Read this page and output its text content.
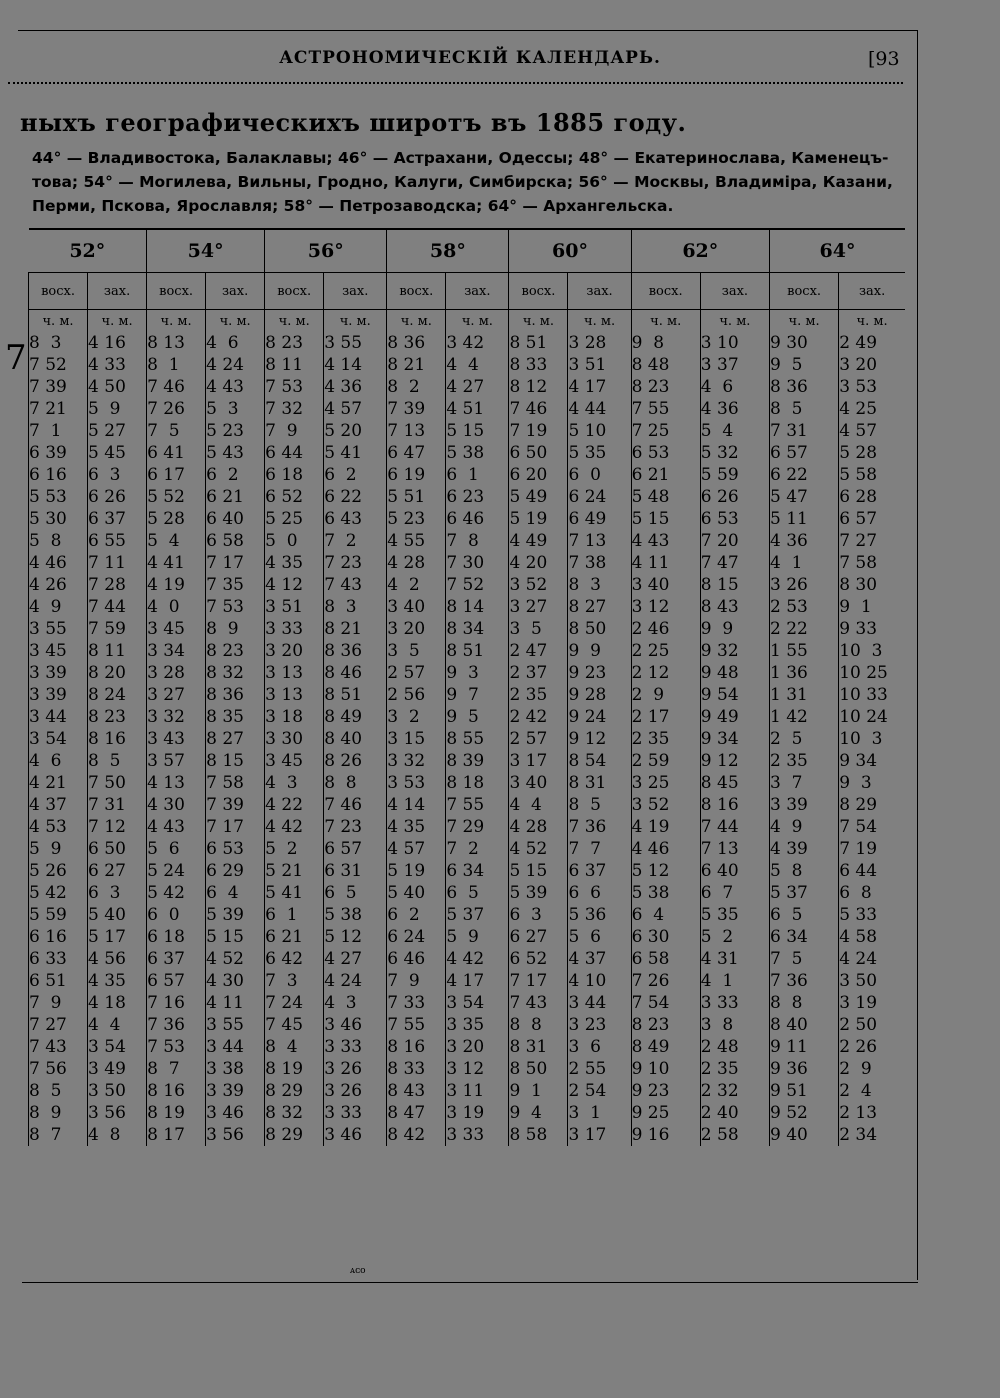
АСТРОНОМИЧЕСКІЙ КАЛЕНДАРЬ.	[93
ныхъ географическихъ широтъ въ 1885 году.
44° — Владивостока, Балаклавы; 46° — Астрахани, Одессы; 48° — Екатеринослава, Каменецъ-
това; 54° — Могилева, Вильны, Гродно, Калуги, Симбирска; 56° — Москвы, Владиміра, Казани,
Перми, Пскова, Ярославля; 58° — Петрозаводска; 64° — Архангельска.
7
52°		54°		56°		58°		60°		62°		64°	
восх.	зах.	восх.	зах.	восх.	зах.	восх.	зах.	восх.	зах.	восх.	зах.	восх.	зах.
ч. м.	ч. м.	ч. м.	ч. м.	ч. м.	ч. м.	ч. м.	ч. м.	ч. м.	ч. м.	ч. м.	ч. м.	ч. м.	ч. м.
8  3	4 16	8 13	4  6	8 23	3 55	8 36	3 42	8 51	3 28	9  8	3 10	9 30	2 49
7 52	4 33	8  1	4 24	8 11	4 14	8 21	4  4	8 33	3 51	8 48	3 37	9  5	3 20
7 39	4 50	7 46	4 43	7 53	4 36	8  2	4 27	8 12	4 17	8 23	4  6	8 36	3 53
7 21	5  9	7 26	5  3	7 32	4 57	7 39	4 51	7 46	4 44	7 55	4 36	8  5	4 25
7  1	5 27	7  5	5 23	7  9	5 20	7 13	5 15	7 19	5 10	7 25	5  4	7 31	4 57
6 39	5 45	6 41	5 43	6 44	5 41	6 47	5 38	6 50	5 35	6 53	5 32	6 57	5 28
6 16	6  3	6 17	6  2	6 18	6  2	6 19	6  1	6 20	6  0	6 21	5 59	6 22	5 58
5 53	6 26	5 52	6 21	6 52	6 22	5 51	6 23	5 49	6 24	5 48	6 26	5 47	6 28
5 30	6 37	5 28	6 40	5 25	6 43	5 23	6 46	5 19	6 49	5 15	6 53	5 11	6 57
5  8	6 55	5  4	6 58	5  0	7  2	4 55	7  8	4 49	7 13	4 43	7 20	4 36	7 27
4 46	7 11	4 41	7 17	4 35	7 23	4 28	7 30	4 20	7 38	4 11	7 47	4  1	7 58
4 26	7 28	4 19	7 35	4 12	7 43	4  2	7 52	3 52	8  3	3 40	8 15	3 26	8 30
4  9	7 44	4  0	7 53	3 51	8  3	3 40	8 14	3 27	8 27	3 12	8 43	2 53	9  1
3 55	7 59	3 45	8  9	3 33	8 21	3 20	8 34	3  5	8 50	2 46	9  9	2 22	9 33
3 45	8 11	3 34	8 23	3 20	8 36	3  5	8 51	2 47	9  9	2 25	9 32	1 55	10  3
3 39	8 20	3 28	8 32	3 13	8 46	2 57	9  3	2 37	9 23	2 12	9 48	1 36	10 25
3 39	8 24	3 27	8 36	3 13	8 51	2 56	9  7	2 35	9 28	2  9	9 54	1 31	10 33
3 44	8 23	3 32	8 35	3 18	8 49	3  2	9  5	2 42	9 24	2 17	9 49	1 42	10 24
3 54	8 16	3 43	8 27	3 30	8 40	3 15	8 55	2 57	9 12	2 35	9 34	2  5	10  3
4  6	8  5	3 57	8 15	3 45	8 26	3 32	8 39	3 17	8 54	2 59	9 12	2 35	9 34
4 21	7 50	4 13	7 58	4  3	8  8	3 53	8 18	3 40	8 31	3 25	8 45	3  7	9  3
4 37	7 31	4 30	7 39	4 22	7 46	4 14	7 55	4  4	8  5	3 52	8 16	3 39	8 29
4 53	7 12	4 43	7 17	4 42	7 23	4 35	7 29	4 28	7 36	4 19	7 44	4  9	7 54
5  9	6 50	5  6	6 53	5  2	6 57	4 57	7  2	4 52	7  7	4 46	7 13	4 39	7 19
5 26	6 27	5 24	6 29	5 21	6 31	5 19	6 34	5 15	6 37	5 12	6 40	5  8	6 44
5 42	6  3	5 42	6  4	5 41	6  5	5 40	6  5	5 39	6  6	5 38	6  7	5 37	6  8
5 59	5 40	6  0	5 39	6  1	5 38	6  2	5 37	6  3	5 36	6  4	5 35	6  5	5 33
6 16	5 17	6 18	5 15	6 21	5 12	6 24	5  9	6 27	5  6	6 30	5  2	6 34	4 58
6 33	4 56	6 37	4 52	6 42	4 27	6 46	4 42	6 52	4 37	6 58	4 31	7  5	4 24
6 51	4 35	6 57	4 30	7  3	4 24	7  9	4 17	7 17	4 10	7 26	4  1	7 36	3 50
7  9	4 18	7 16	4 11	7 24	4  3	7 33	3 54	7 43	3 44	7 54	3 33	8  8	3 19
7 27	4  4	7 36	3 55	7 45	3 46	7 55	3 35	8  8	3 23	8 23	3  8	8 40	2 50
7 43	3 54	7 53	3 44	8  4	3 33	8 16	3 20	8 31	3  6	8 49	2 48	9 11	2 26
7 56	3 49	8  7	3 38	8 19	3 26	8 33	3 12	8 50	2 55	9 10	2 35	9 36	2  9
8  5	3 50	8 16	3 39	8 29	3 26	8 43	3 11	9  1	2 54	9 23	2 32	9 51	2  4
8  9	3 56	8 19	3 46	8 32	3 33	8 47	3 19	9  4	3  1	9 25	2 40	9 52	2 13
8  7	4  8	8 17	3 56	8 29	3 46	8 42	3 33	8 58	3 17	9 16	2 58	9 40	2 34
ᴀᴄᴏ
